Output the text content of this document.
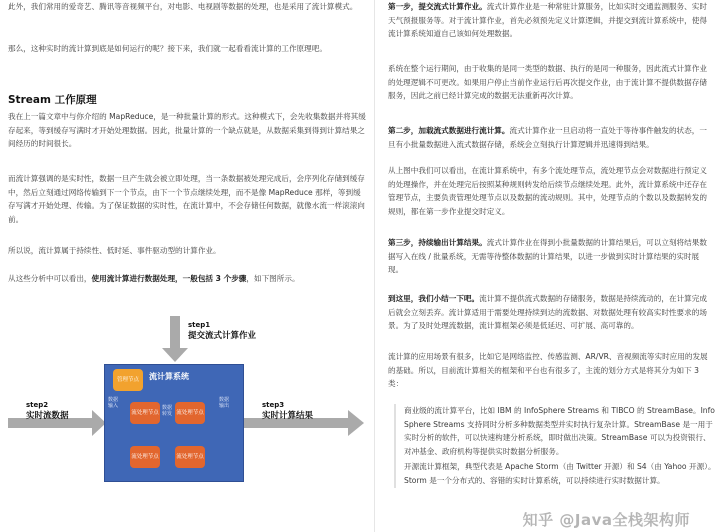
此外，我们常用的爱奇艺、腾讯等音视频平台，对电影、电视剧等数据的处理，也是采用了流计算模式。

那么，这种实时的流计算到底是如何运行的呢？接下来，我们就一起看看流计算的工作原理吧。

Stream 工作原理

我在上一篇文章中与你介绍的 MapReduce，是一种批量计算的形式。这种模式下，会先收集数据并将其缓存起来，等到缓存写满时才开始处理数据。因此，批量计算的一个缺点就是，从数据采集到得到计算结果之间经历的时间很长。

而流计算强调的是实时性，数据一旦产生就会被立即处理，当一条数据被处理完成后，会序列化存储到缓存中，然后立刻通过网络传输到下一个节点，由下一个节点继续处理，而不是像 MapReduce 那样，等到缓存写满才开始处理、传输。为了保证数据的实时性，在流计算中，不会存储任何数据，就像水流一样滚滚向前。

所以说，流计算属于持续性、低时延、事件驱动型的计算作业。

从这些分析中可以看出，使用流计算进行数据处理，一般包括 3 个步骤，如下图所示。

step1
提交流式计算作业
step2
实时流数据
step3
实时计算结果
流计算系统
管理节点
流处理节点
流处理节点
流处理节点
流处理节点
数据输入	数据转发
数据输出

第一步，提交流式计算作业。流式计算作业是一种常驻计算服务，比如实时交通监测服务、实时天气预报服务等。对于流计算作业，首先必须预先定义计算逻辑，并提交到流计算系统中，使得流计算系统知道自己该如何处理数据。

系统在整个运行期间，由于收集的是同一类型的数据、执行的是同一种服务，因此流式计算作业的处理逻辑不可更改。如果用户停止当前作业运行后再次提交作业，由于流计算不提供数据存储服务，因此之前已经计算完成的数据无法重新再次计算。

第二步，加载流式数据进行流计算。流式计算作业一旦启动将一直处于等待事件触发的状态，一旦有小批量数据进入流式数据存储，系统会立刻执行计算逻辑并迅速得到结果。

从上图中我们可以看出，在流计算系统中，有多个流处理节点，流处理节点会对数据进行预定义的处理操作，并在处理完后按照某种规则转发给后续节点继续处理。此外，流计算系统中还存在管理节点，主要负责管理处理节点以及数据的流动规则。其中，处理节点的个数以及数据转发的规则，都在第一步作业提交时定义。

第三步，持续输出计算结果。流式计算作业在得到小批量数据的计算结果后，可以立刻将结果数据写入在线 / 批量系统，无需等待整体数据的计算结果，以进一步做到实时计算结果的实时展现。

到这里，我们小结一下吧。流计算不提供流式数据的存储服务，数据是持续流动的，在计算完成后就会立刻丢弃。流计算适用于需要处理持续到达的流数据、对数据处理有较高实时性要求的场景。为了及时处理流数据，流计算框架必须是低延迟、可扩展、高可靠的。

流计算的应用场景有很多，比如它是网络监控、传感监测、AR/VR、音视频流等实时应用的发展的基础。所以，目前流计算相关的框架和平台也有很多了，主流的划分方式是将其分为如下 3 类：

商业级的流计算平台，比如 IBM 的 InfoSphere Streams 和 TIBCO 的 StreamBase。InfoSphere Streams 支持同时分析多种数据类型并实时执行复杂计算。StreamBase 是一用于实时分析的软件，可以快速构建分析系统，即时做出决策。StreamBase 可以为投资银行、对冲基金、政府机构等提供实时数据分析服务。

开源流计算框架，典型代表是 Apache Storm（由 Twitter 开源）和 S4（由 Yahoo 开源）。Storm 是一个分布式的、容错的实时计算系统，可以持续进行实时数据计算。

知乎 @Java全栈架构师
